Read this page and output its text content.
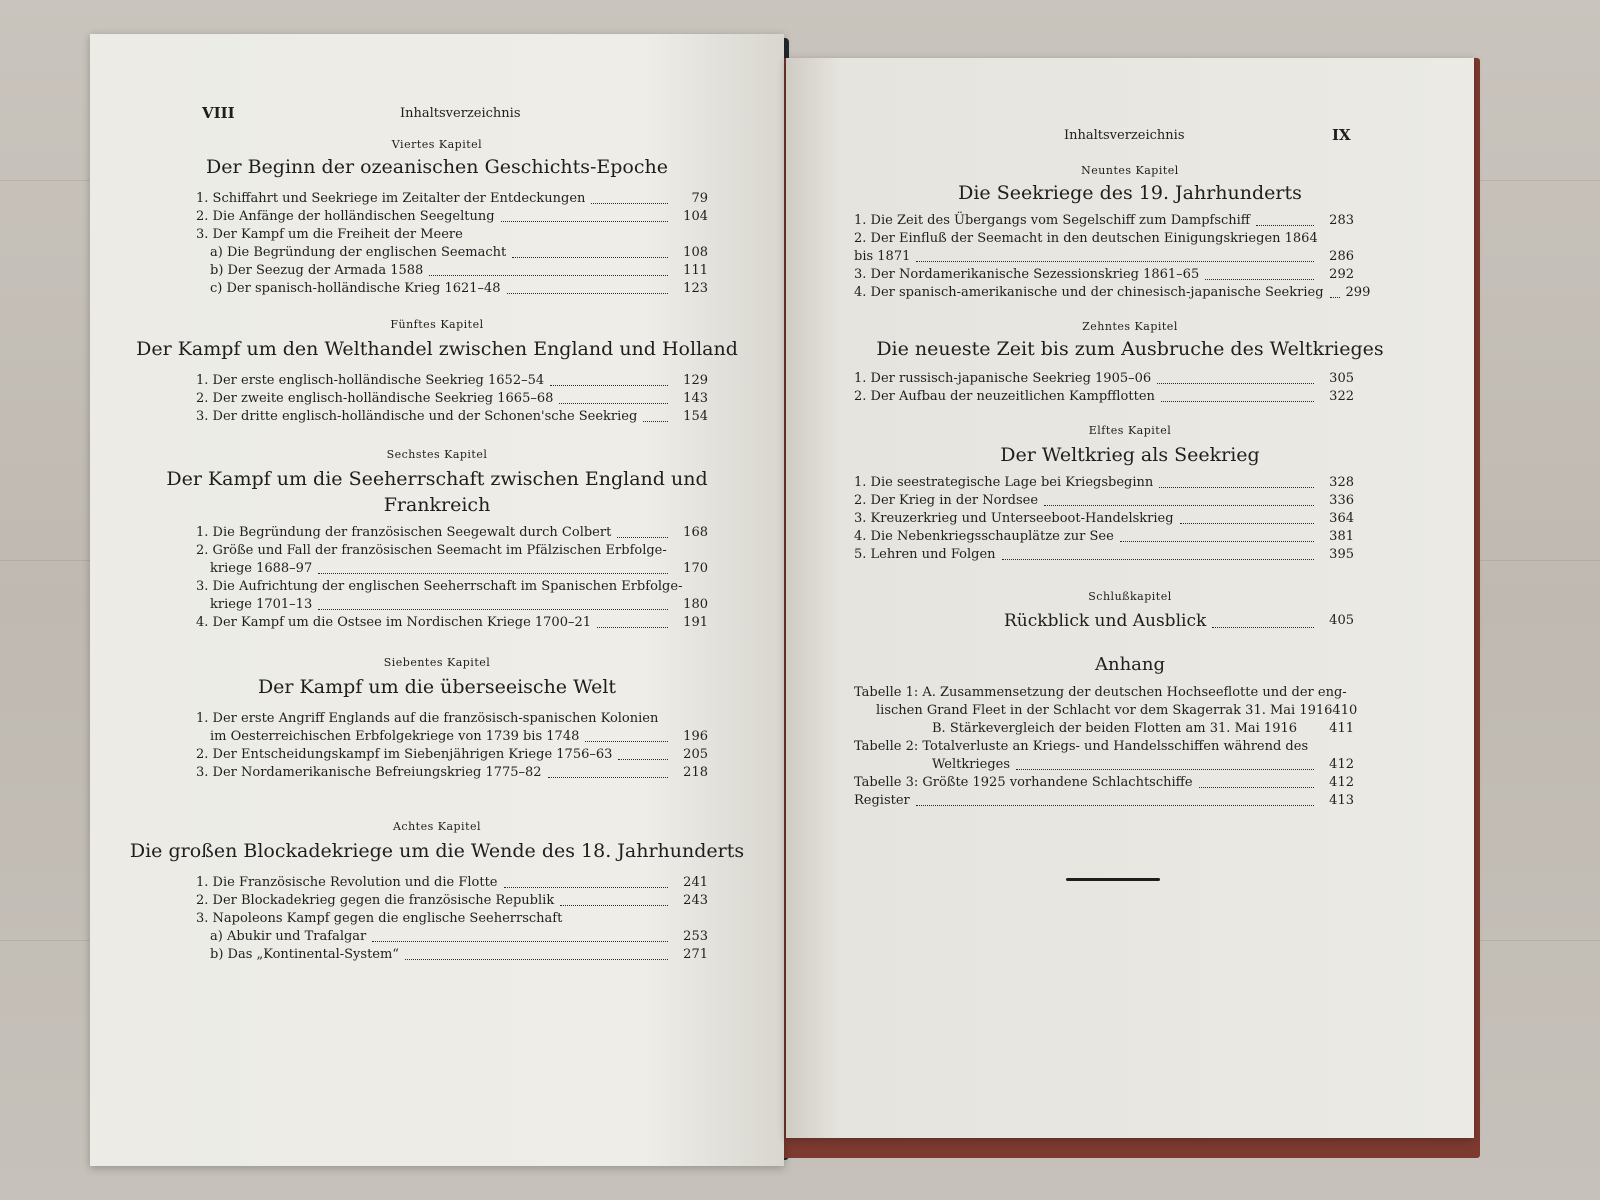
VIII	Inhaltsverzeichnis
Viertes Kapitel
Der Beginn der ozeanischen Geschichts-Epoche
1. Schiffahrt und Seekriege im Zeitalter der Entdeckungen	79
2. Die Anfänge der holländischen Seegeltung	104
3. Der Kampf um die Freiheit der Meere
a) Die Begründung der englischen Seemacht	108
b) Der Seezug der Armada 1588	111
c) Der spanisch-holländische Krieg 1621–48	123
Fünftes Kapitel
Der Kampf um den Welthandel zwischen England und Holland
1. Der erste englisch-holländische Seekrieg 1652–54	129
2. Der zweite englisch-holländische Seekrieg 1665–68	143
3. Der dritte englisch-holländische und der Schonen'sche Seekrieg	154
Sechstes Kapitel
Der Kampf um die Seeherrschaft zwischen England und
Frankreich
1. Die Begründung der französischen Seegewalt durch Colbert	168
2. Größe und Fall der französischen Seemacht im Pfälzischen Erbfolge-
kriege 1688–97	170
3. Die Aufrichtung der englischen Seeherrschaft im Spanischen Erbfolge-
kriege 1701–13	180
4. Der Kampf um die Ostsee im Nordischen Kriege 1700–21	191
Siebentes Kapitel
Der Kampf um die überseeische Welt
1. Der erste Angriff Englands auf die französisch-spanischen Kolonien
im Oesterreichischen Erbfolgekriege von 1739 bis 1748	196
2. Der Entscheidungskampf im Siebenjährigen Kriege 1756–63	205
3. Der Nordamerikanische Befreiungskrieg 1775–82	218
Achtes Kapitel
Die großen Blockadekriege um die Wende des 18. Jahrhunderts
1. Die Französische Revolution und die Flotte	241
2. Der Blockadekrieg gegen die französische Republik	243
3. Napoleons Kampf gegen die englische Seeherrschaft
a) Abukir und Trafalgar	253
b) Das „Kontinental-System“	271
Inhaltsverzeichnis	IX
Neuntes Kapitel
Die Seekriege des 19. Jahrhunderts
1. Die Zeit des Übergangs vom Segelschiff zum Dampfschiff	283
2. Der Einfluß der Seemacht in den deutschen Einigungskriegen 1864
bis 1871	286
3. Der Nordamerikanische Sezessionskrieg 1861–65	292
4. Der spanisch-amerikanische und der chinesisch-japanische Seekrieg 299
Zehntes Kapitel
Die neueste Zeit bis zum Ausbruche des Weltkrieges
1. Der russisch-japanische Seekrieg 1905–06	305
2. Der Aufbau der neuzeitlichen Kampfflotten	322
Elftes Kapitel
Der Weltkrieg als Seekrieg
1. Die seestrategische Lage bei Kriegsbeginn	328
2. Der Krieg in der Nordsee	336
3. Kreuzerkrieg und Unterseeboot-Handelskrieg	364
4. Die Nebenkriegsschauplätze zur See	381
5. Lehren und Folgen	395
Schlußkapitel
Rückblick und Ausblick	405
Anhang
Tabelle 1: A. Zusammensetzung der deutschen Hochseeflotte und der eng-
lischen Grand Fleet in der Schlacht vor dem Skagerrak 31. Mai 1916 410
B. Stärkevergleich der beiden Flotten am 31. Mai 1916	411
Tabelle 2: Totalverluste an Kriegs- und Handelsschiffen während des
Weltkrieges	412
Tabelle 3: Größte 1925 vorhandene Schlachtschiffe	412
Register	413
